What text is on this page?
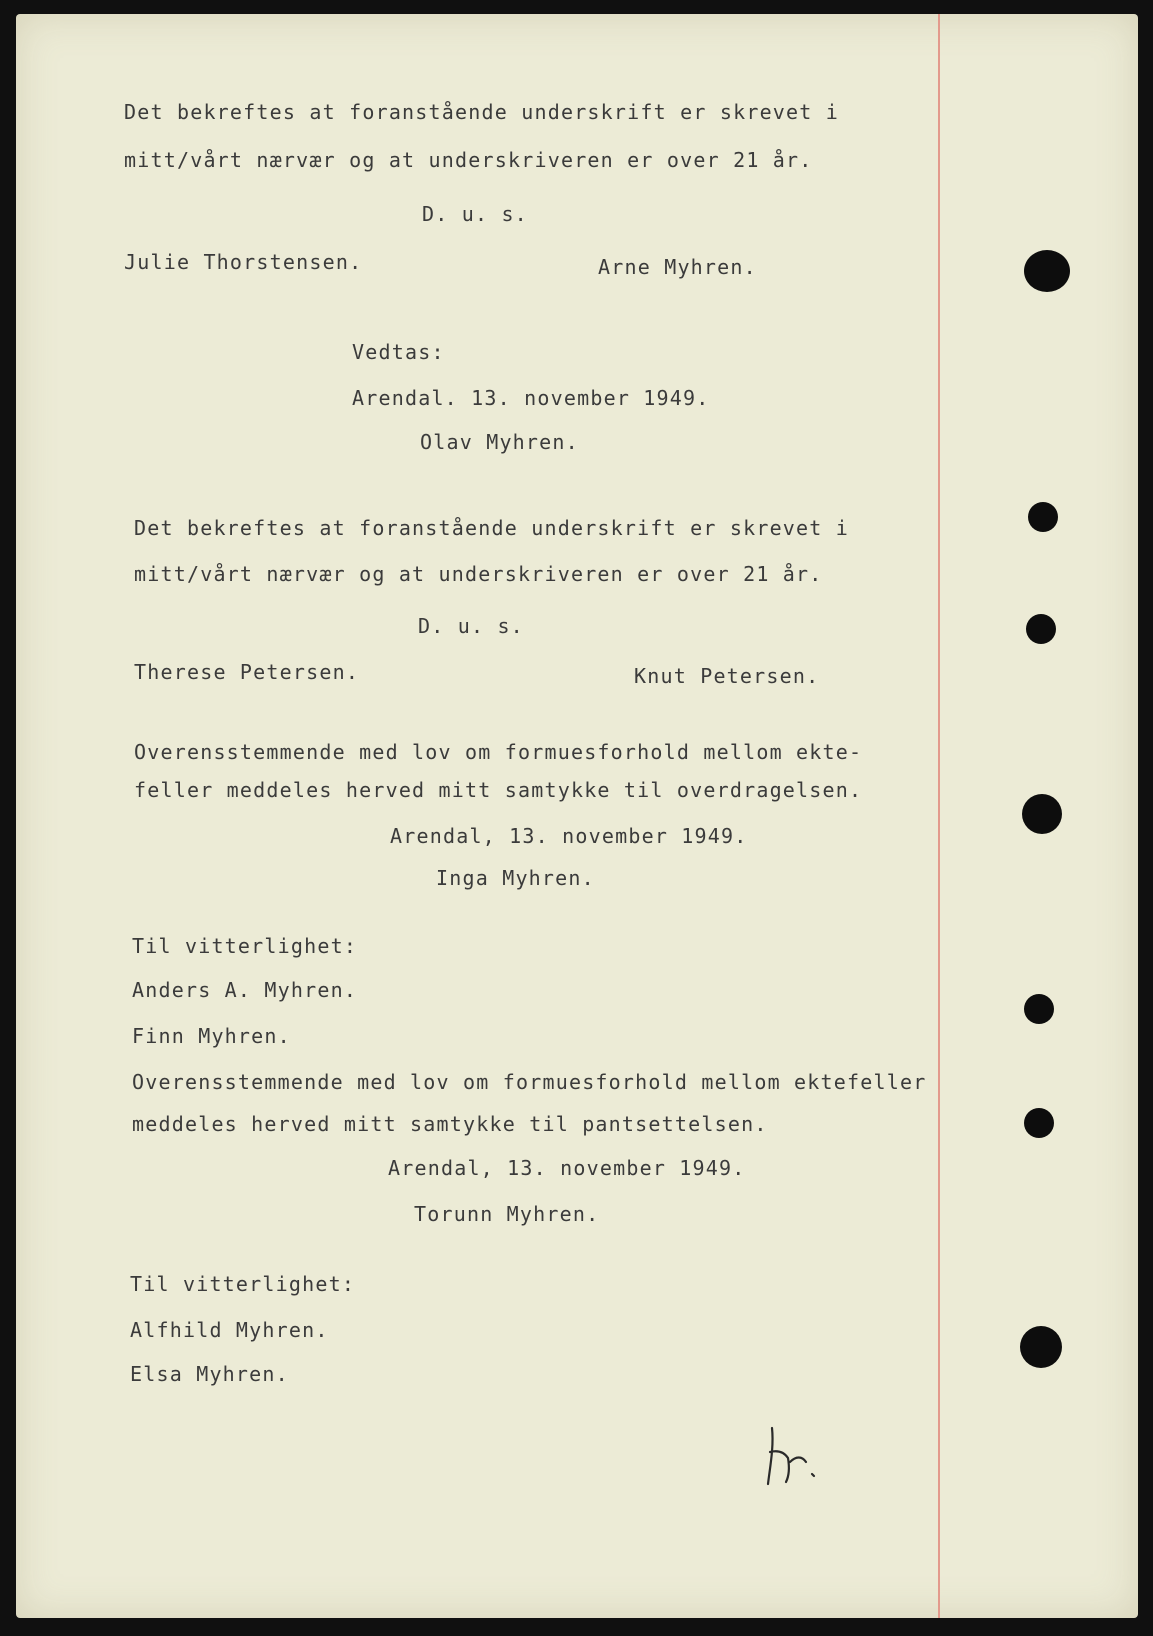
Det bekreftes at foranstående underskrift er skrevet i
mitt/vårt nærvær og at underskriveren er over 21 år.
D. u. s.
Julie Thorstensen.	Arne Myhren.
Vedtas:
Arendal. 13. november 1949.
Olav Myhren.
Det bekreftes at foranstående underskrift er skrevet i
mitt/vårt nærvær og at underskriveren er over 21 år.
D. u. s.
Therese Petersen.	Knut Petersen.
Overensstemmende med lov om formuesforhold mellom ekte-
feller meddeles herved mitt samtykke til overdragelsen.
Arendal, 13. november 1949.
Inga Myhren.
Til vitterlighet:
Anders A. Myhren.
Finn Myhren.
Overensstemmende med lov om formuesforhold mellom ektefeller
meddeles herved mitt samtykke til pantsettelsen.
Arendal, 13. november 1949.
Torunn Myhren.
Til vitterlighet:
Alfhild Myhren.
Elsa Myhren.
